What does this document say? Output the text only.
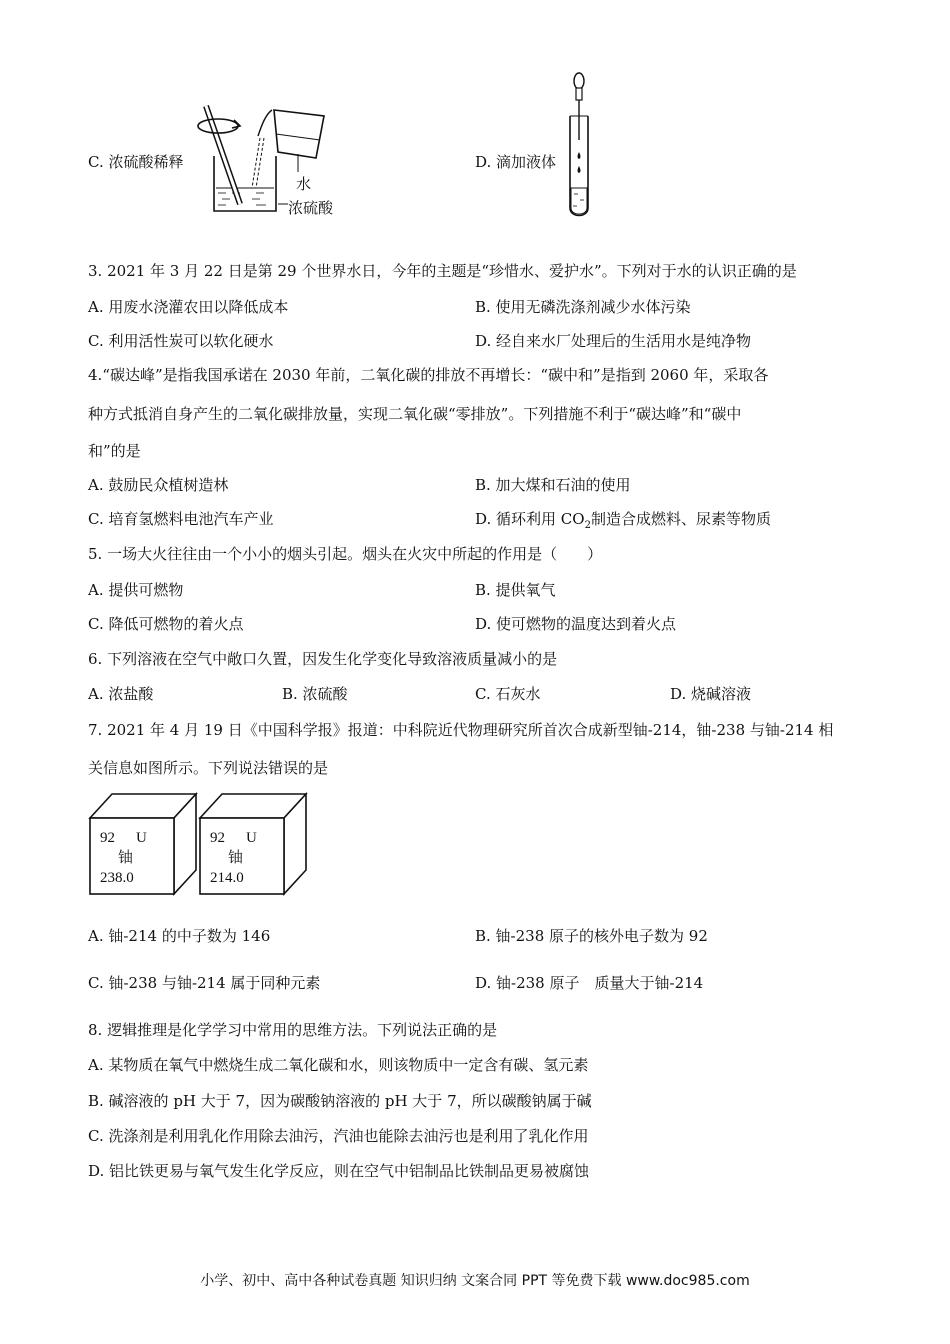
C. 浓硫酸稀释
水
浓硫酸
D. 滴加液体
3. 2021 年 3 月 22 日是第 29 个世界水日，今年的主题是“珍惜水、爱护水”。下列对于水的认识正确的是
A. 用废水浇灌农田以降低成本	B. 使用无磷洗涤剂减少水体污染
C. 利用活性炭可以软化硬水	D. 经自来水厂处理后的生活用水是纯净物
4.“碳达峰”是指我国承诺在 2030 年前，二氧化碳的排放不再增长：“碳中和”是指到 2060 年，采取各
种方式抵消自身产生的二氧化碳排放量，实现二氧化碳“零排放”。下列措施不利于“碳达峰”和“碳中
和”的是
A. 鼓励民众植树造林	B. 加大煤和石油的使用
C. 培育氢燃料电池汽车产业	D. 循环利用 $CO_2$制造合成燃料、尿素等物质
5. 一场大火往往由一个小小的烟头引起。烟头在火灾中所起的作用是（　　）
A. 提供可燃物	B. 提供氧气
C. 降低可燃物的着火点	D. 使可燃物的温度达到着火点
6. 下列溶液在空气中敞口久置，因发生化学变化导致溶液质量减小的是
A. 浓盐酸	B. 浓硫酸	C. 石灰水	D. 烧碱溶液
7. 2021 年 4 月 19 日《中国科学报》报道：中科院近代物理研究所首次合成新型铀-214，铀-238 与铀-214 相
关信息如图所示。下列说法错误的是
92 U
铀
238.0
92 U
铀
214.0
A. 铀-214 的中子数为 146	B. 铀-238 原子的核外电子数为 92
C. 铀-238 与铀-214 属于同种元素	D. 铀-238 原子　质量大于铀-214
8. 逻辑推理是化学学习中常用的思维方法。下列说法正确的是
A. 某物质在氧气中燃烧生成二氧化碳和水，则该物质中一定含有碳、氢元素
B. 碱溶液的 pH 大于 7，因为碳酸钠溶液的 pH 大于 7，所以碳酸钠属于碱
C. 洗涤剂是利用乳化作用除去油污，汽油也能除去油污也是利用了乳化作用
D. 铝比铁更易与氧气发生化学反应，则在空气中铝制品比铁制品更易被腐蚀
小学、初中、高中各种试卷真题 知识归纳 文案合同 PPT 等免费下载 www.doc985.com
